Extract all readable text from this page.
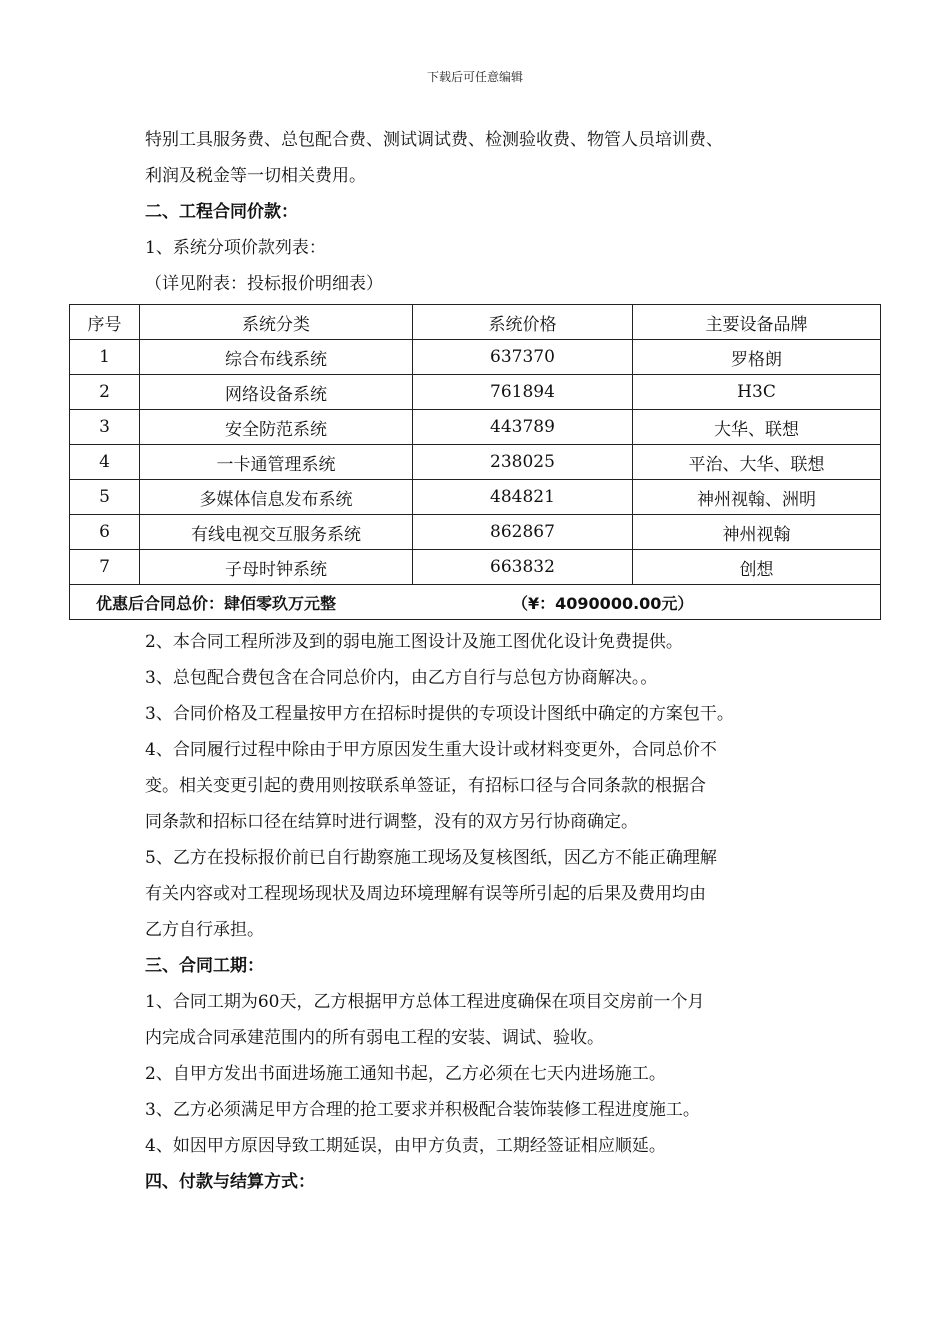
下载后可任意编辑
特别工具服务费、总包配合费、测试调试费、检测验收费、物管人员培训费、
利润及税金等一切相关费用。
二、工程合同价款：
1、系统分项价款列表：
（详见附表：投标报价明细表）
序号	系统分类	系统价格	主要设备品牌
1	综合布线系统	637370	罗格朗
2	网络设备系统	761894	H3C
3	安全防范系统	443789	大华、联想
4	一卡通管理系统	238025	平治、大华、联想
5	多媒体信息发布系统	484821	神州视翰、洲明
6	有线电视交互服务系统	862867	神州视翰
7	子母时钟系统	663832	创想
优惠后合同总价：肆佰零玖万元整 （¥：4090000.00元）			
2、本合同工程所涉及到的弱电施工图设计及施工图优化设计免费提供。
3、总包配合费包含在合同总价内，由乙方自行与总包方协商解决。。
3、合同价格及工程量按甲方在招标时提供的专项设计图纸中确定的方案包干。
4、合同履行过程中除由于甲方原因发生重大设计或材料变更外，合同总价不
变。相关变更引起的费用则按联系单签证，有招标口径与合同条款的根据合
同条款和招标口径在结算时进行调整，没有的双方另行协商确定。
5、乙方在投标报价前已自行勘察施工现场及复核图纸，因乙方不能正确理解
有关内容或对工程现场现状及周边环境理解有误等所引起的后果及费用均由
乙方自行承担。
三、合同工期：
1、合同工期为60天，乙方根据甲方总体工程进度确保在项目交房前一个月
内完成合同承建范围内的所有弱电工程的安装、调试、验收。
2、自甲方发出书面进场施工通知书起，乙方必须在七天内进场施工。
3、乙方必须满足甲方合理的抢工要求并积极配合装饰装修工程进度施工。
4、如因甲方原因导致工期延误，由甲方负责，工期经签证相应顺延。
四、付款与结算方式：
